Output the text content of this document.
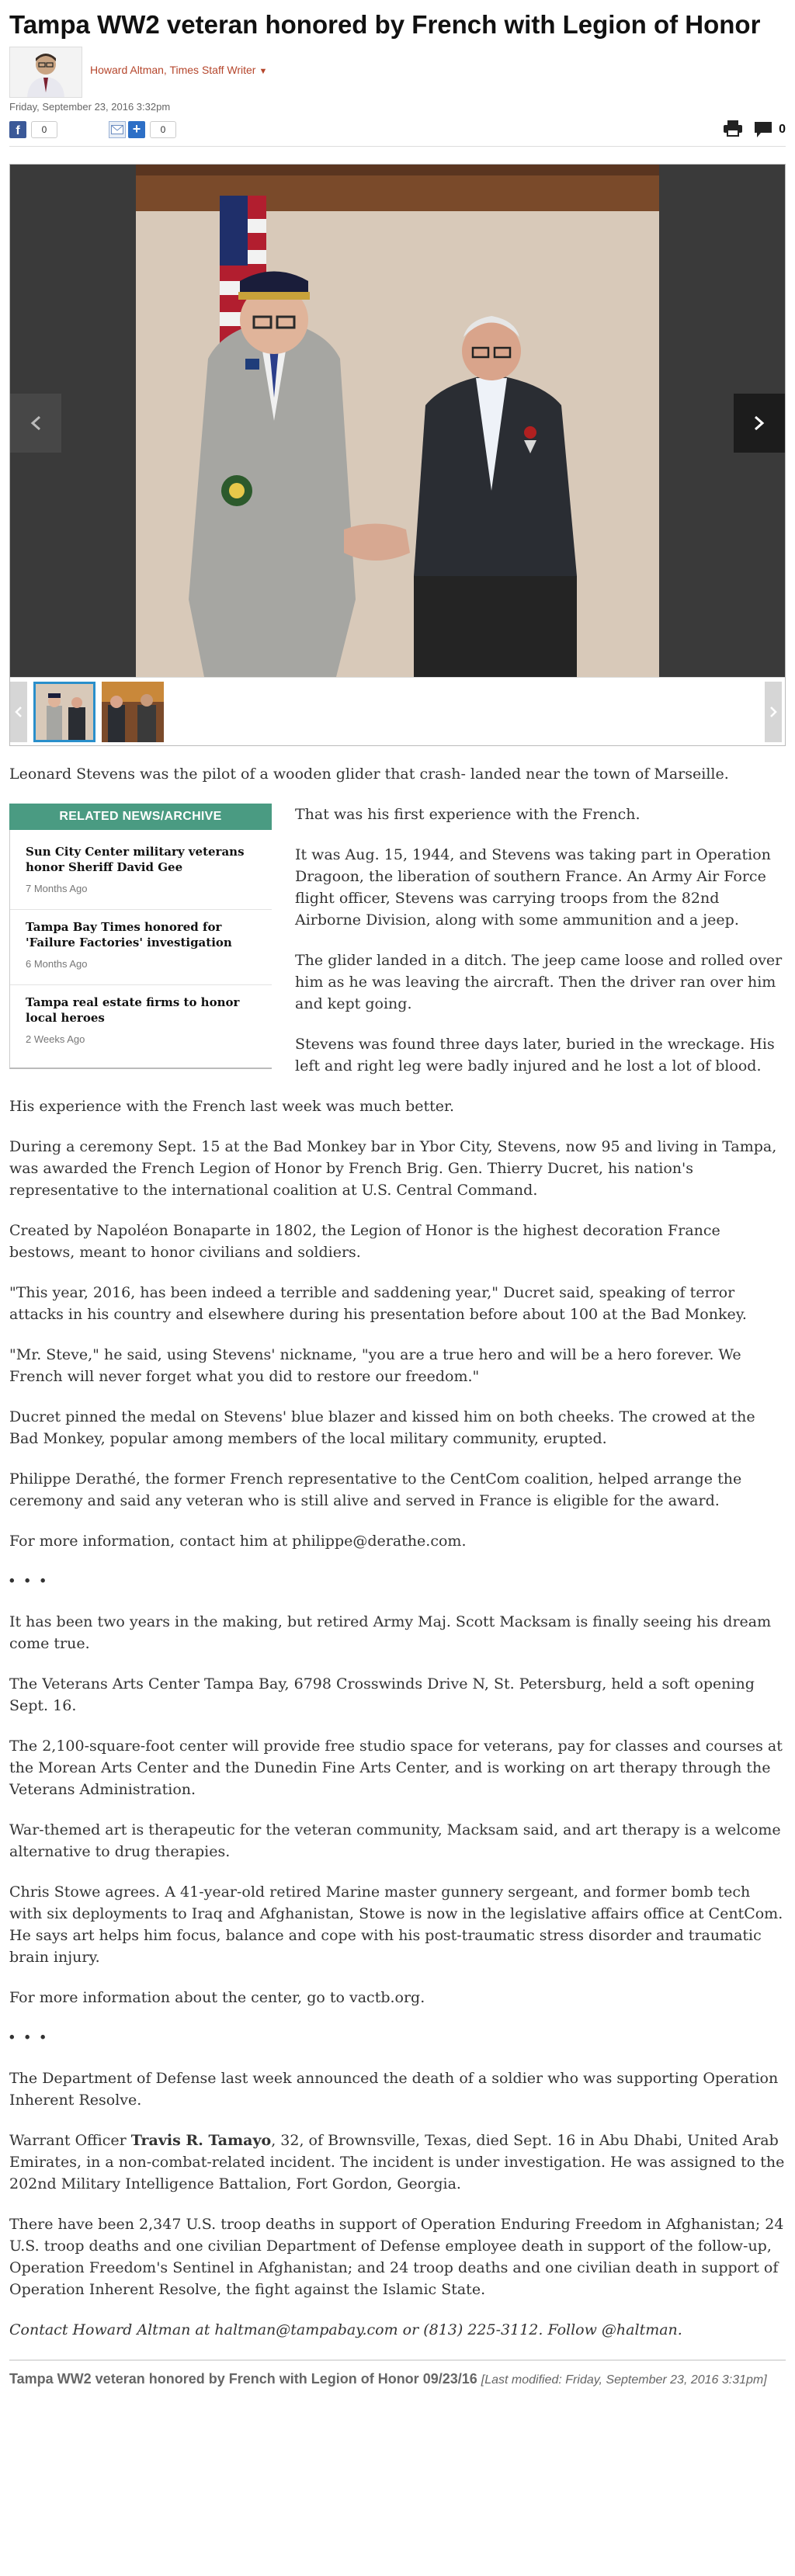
Tampa WW2 veteran honored by French with Legion of Honor
Howard Altman, Times Staff Writer ▼
Friday, September 23, 2016 3:32pm
f	0	+	0	0

Leonard Stevens was the pilot of a wooden glider that crash- landed near the town of Marseille.

RELATED NEWS/ARCHIVE
Sun City Center military veterans honor Sheriff David Gee
7 Months Ago
Tampa Bay Times honored for 'Failure Factories' investigation
6 Months Ago
Tampa real estate firms to honor local heroes
2 Weeks Ago

That was his first experience with the French.

It was Aug. 15, 1944, and Stevens was taking part in Operation Dragoon, the liberation of southern France. An Army Air Force flight officer, Stevens was carrying troops from the 82nd Airborne Division, along with some ammunition and a jeep.

The glider landed in a ditch. The jeep came loose and rolled over him as he was leaving the aircraft. Then the driver ran over him and kept going.

Stevens was found three days later, buried in the wreckage. His left and right leg were badly injured and he lost a lot of blood.

His experience with the French last week was much better.

During a ceremony Sept. 15 at the Bad Monkey bar in Ybor City, Stevens, now 95 and living in Tampa, was awarded the French Legion of Honor by French Brig. Gen. Thierry Ducret, his nation's representative to the international coalition at U.S. Central Command.

Created by Napoléon Bonaparte in 1802, the Legion of Honor is the highest decoration France bestows, meant to honor civilians and soldiers.

"This year, 2016, has been indeed a terrible and saddening year," Ducret said, speaking of terror attacks in his country and elsewhere during his presentation before about 100 at the Bad Monkey.

"Mr. Steve," he said, using Stevens' nickname, "you are a true hero and will be a hero forever. We French will never forget what you did to restore our freedom."

Ducret pinned the medal on Stevens' blue blazer and kissed him on both cheeks. The crowed at the Bad Monkey, popular among members of the local military community, erupted.

Philippe Derathé, the former French representative to the CentCom coalition, helped arrange the ceremony and said any veteran who is still alive and served in France is eligible for the award.

For more information, contact him at philippe@derathe.com.

• • •

It has been two years in the making, but retired Army Maj. Scott Macksam is finally seeing his dream come true.

The Veterans Arts Center Tampa Bay, 6798 Crosswinds Drive N, St. Petersburg, held a soft opening Sept. 16.

The 2,100-square-foot center will provide free studio space for veterans, pay for classes and courses at the Morean Arts Center and the Dunedin Fine Arts Center, and is working on art therapy through the Veterans Administration.

War-themed art is therapeutic for the veteran community, Macksam said, and art therapy is a welcome alternative to drug therapies.

Chris Stowe agrees. A 41-year-old retired Marine master gunnery sergeant, and former bomb tech with six deployments to Iraq and Afghanistan, Stowe is now in the legislative affairs office at CentCom. He says art helps him focus, balance and cope with his post-traumatic stress disorder and traumatic brain injury.

For more information about the center, go to vactb.org.

• • •

The Department of Defense last week announced the death of a soldier who was supporting Operation Inherent Resolve.

Warrant Officer Travis R. Tamayo, 32, of Brownsville, Texas, died Sept. 16 in Abu Dhabi, United Arab Emirates, in a non-combat-related incident. The incident is under investigation. He was assigned to the 202nd Military Intelligence Battalion, Fort Gordon, Georgia.

There have been 2,347 U.S. troop deaths in support of Operation Enduring Freedom in Afghanistan; 24 U.S. troop deaths and one civilian Department of Defense employee death in support of the follow-up, Operation Freedom's Sentinel in Afghanistan; and 24 troop deaths and one civilian death in support of Operation Inherent Resolve, the fight against the Islamic State.

Contact Howard Altman at haltman@tampabay.com or (813) 225-3112. Follow @haltman.

Tampa WW2 veteran honored by French with Legion of Honor 09/23/16 [Last modified: Friday, September 23, 2016 3:31pm]
